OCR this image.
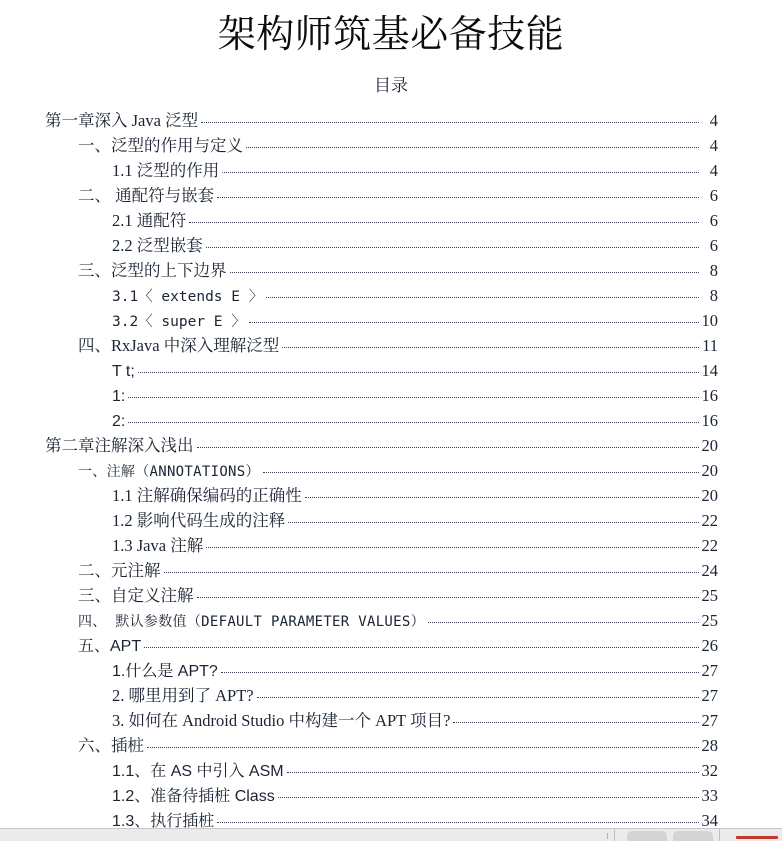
架构师筑基必备技能
目录
第一章深入 Java 泛型	4
一、泛型的作用与定义	4
1.1 泛型的作用	4
二、 通配符与嵌套	6
2.1 通配符	6
2.2 泛型嵌套	6
三、泛型的上下边界	8
3.1〈 extends E 〉	8
3.2〈 super E 〉	10
四、RxJava 中深入理解泛型	11
T t;	14
1:	16
2:	16
第二章注解深入浅出	20
一、注解（ANNOTATIONS）	20
1.1 注解确保编码的正确性	20
1.2 影响代码生成的注释	22
1.3 Java 注解	22
二、元注解	24
三、自定义注解	25
四、 默认参数值（DEFAULT PARAMETER VALUES）	25
五、APT	26
1.什么是 APT?	27
2. 哪里用到了 APT?	27
3. 如何在 Android Studio 中构建一个 APT 项目?	27
六、插桩	28
1.1、在 AS 中引入 ASM	32
1.2、准备待插桩 Class	33
1.3、执行插桩	34
